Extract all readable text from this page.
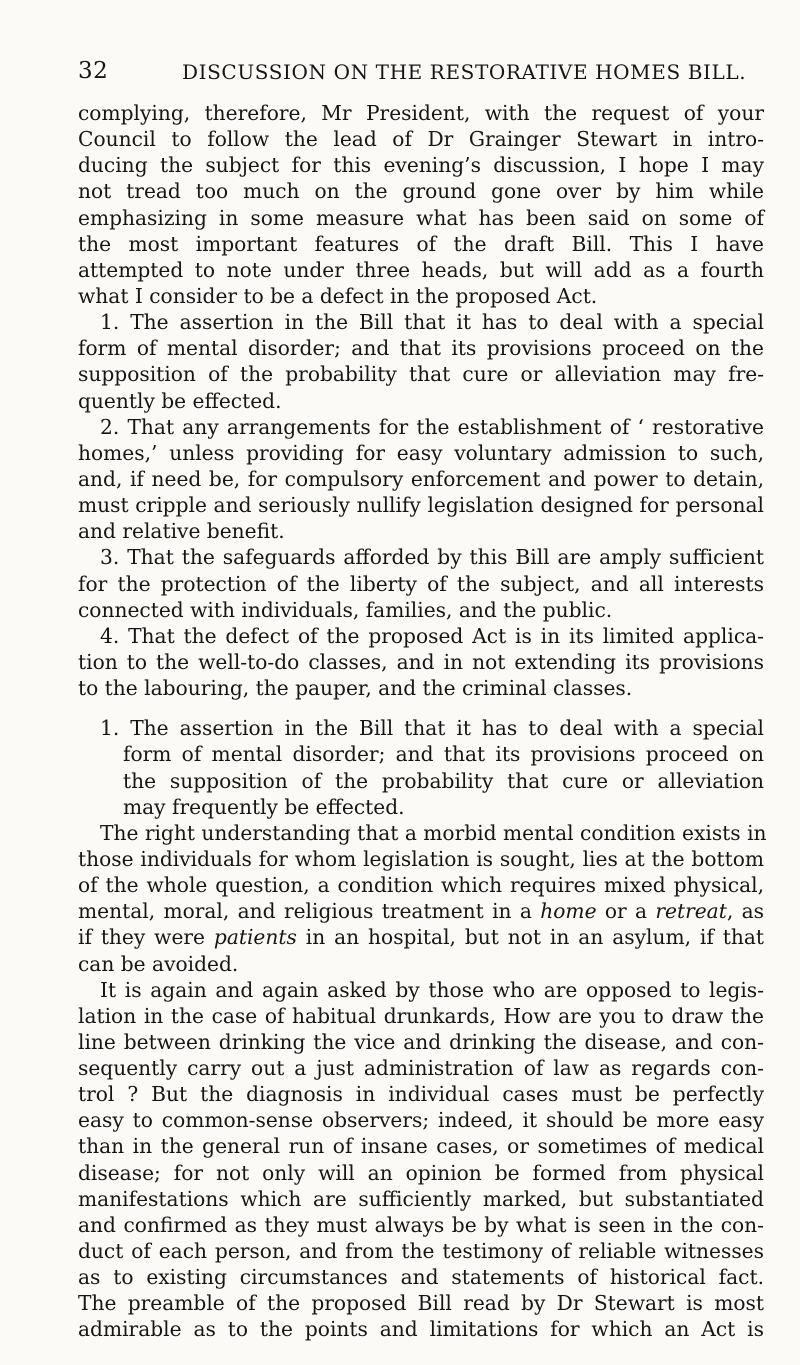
32	DISCUSSION ON THE RESTORATIVE HOMES BILL.
complying, therefore, Mr President, with the request of your
Council to follow the lead of Dr Grainger Stewart in intro-
ducing the subject for this evening’s discussion, I hope I may
not tread too much on the ground gone over by him while
emphasizing in some measure what has been said on some of
the most important features of the draft Bill. This I have
attempted to note under three heads, but will add as a fourth
what I consider to be a defect in the proposed Act.
1. The assertion in the Bill that it has to deal with a special
form of mental disorder; and that its provisions proceed on the
supposition of the probability that cure or alleviation may fre-
quently be effected.
2. That any arrangements for the establishment of ‘ restorative
homes,’ unless providing for easy voluntary admission to such,
and, if need be, for compulsory enforcement and power to detain,
must cripple and seriously nullify legislation designed for personal
and relative benefit.
3. That the safeguards afforded by this Bill are amply sufficient
for the protection of the liberty of the subject, and all interests
connected with individuals, families, and the public.
4. That the defect of the proposed Act is in its limited applica-
tion to the well-to-do classes, and in not extending its provisions
to the labouring, the pauper, and the criminal classes.
1. The assertion in the Bill that it has to deal with a special
form of mental disorder; and that its provisions proceed on
the supposition of the probability that cure or alleviation
may frequently be effected.
The right understanding that a morbid mental condition exists in
those individuals for whom legislation is sought, lies at the bottom
of the whole question, a condition which requires mixed physical,
mental, moral, and religious treatment in a home or a retreat, as
if they were patients in an hospital, but not in an asylum, if that
can be avoided.
It is again and again asked by those who are opposed to legis-
lation in the case of habitual drunkards, How are you to draw the
line between drinking the vice and drinking the disease, and con-
sequently carry out a just administration of law as regards con-
trol ? But the diagnosis in individual cases must be perfectly
easy to common-sense observers; indeed, it should be more easy
than in the general run of insane cases, or sometimes of medical
disease; for not only will an opinion be formed from physical
manifestations which are sufficiently marked, but substantiated
and confirmed as they must always be by what is seen in the con-
duct of each person, and from the testimony of reliable witnesses
as to existing circumstances and statements of historical fact.
The preamble of the proposed Bill read by Dr Stewart is most
admirable as to the points and limitations for which an Act is
